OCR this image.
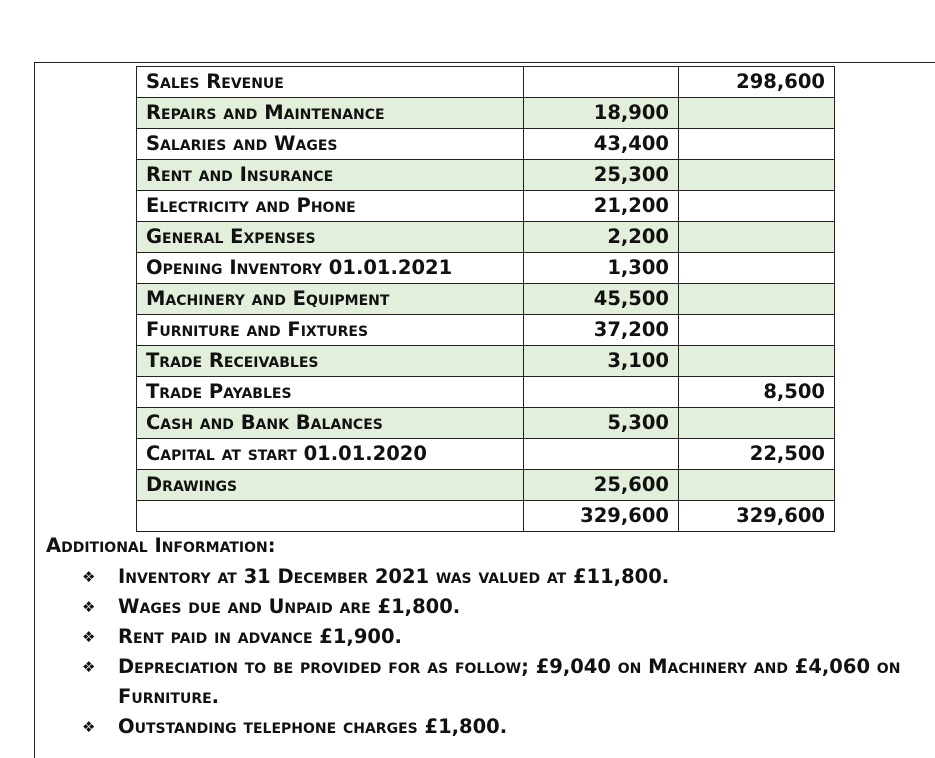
Sales Revenue		298,600
Repairs and Maintenance	18,900	
Salaries and Wages	43,400	
Rent and Insurance	25,300	
Electricity and Phone	21,200	
General Expenses	2,200	
Opening Inventory 01.01.2021	1,300	
Machinery and Equipment	45,500	
Furniture and Fixtures	37,200	
Trade Receivables	3,100	
Trade Payables		8,500
Cash and Bank Balances	5,300	
Capital at start 01.01.2020		22,500
Drawings	25,600	
	329,600	329,600
Additional Information:
❖ Inventory at 31 December 2021 was valued at £11,800.
❖ Wages due and Unpaid are £1,800.
❖ Rent paid in advance £1,900.
❖ Depreciation to be provided for as follow; £9,040 on Machinery and £4,060 on Furniture.
❖ Outstanding telephone charges £1,800.
